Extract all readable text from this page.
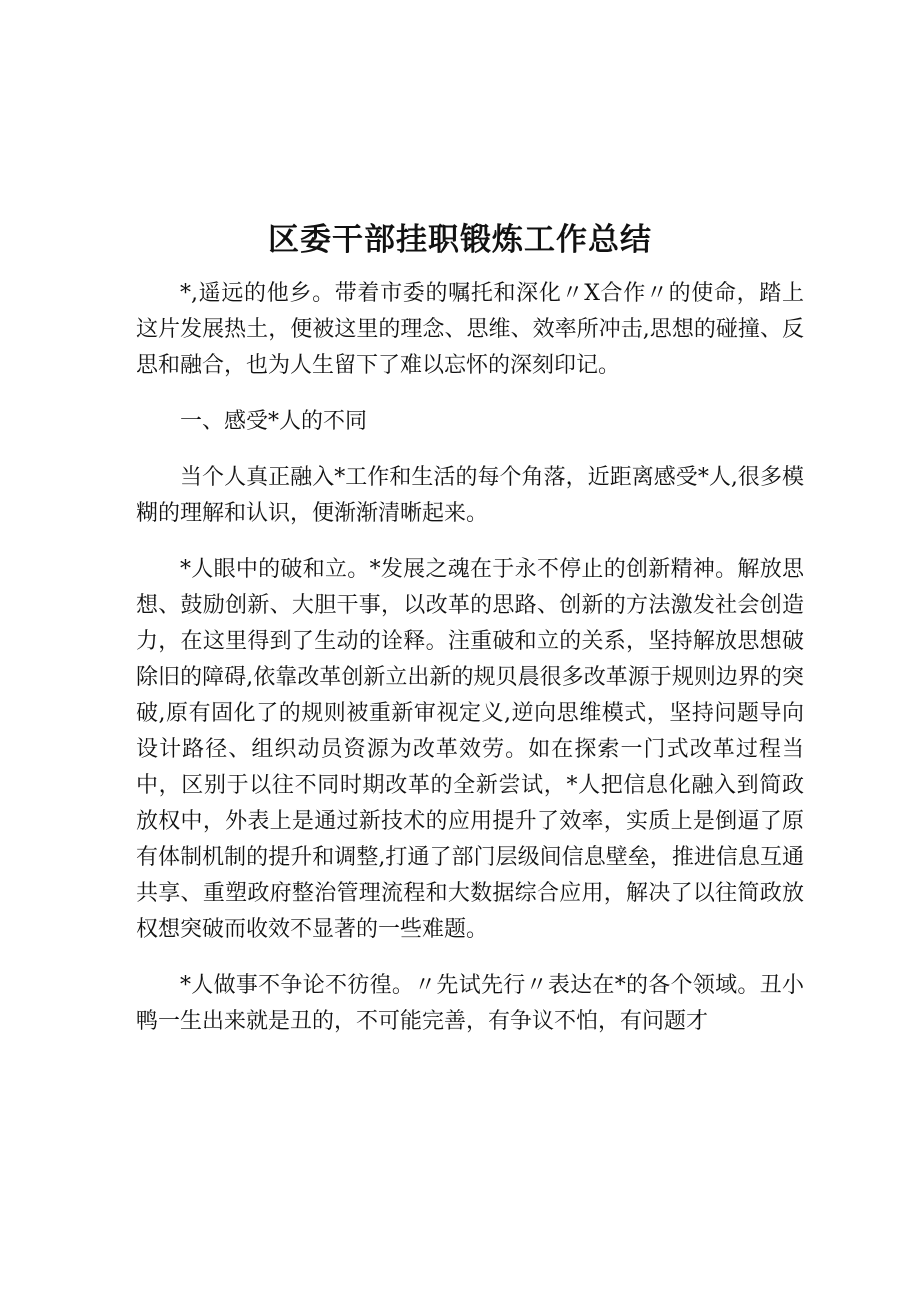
区委干部挂职锻炼工作总结

*,遥远的他乡。带着市委的嘱托和深化〃X合作〃的使命，踏上这片发展热土，便被这里的理念、思维、效率所冲击,思想的碰撞、反思和融合，也为人生留下了难以忘怀的深刻印记。

一、感受*人的不同

当个人真正融入*工作和生活的每个角落，近距离感受*人,很多模糊的理解和认识，便渐渐清晰起来。

*人眼中的破和立。*发展之魂在于永不停止的创新精神。解放思想、鼓励创新、大胆干事，以改革的思路、创新的方法激发社会创造力，在这里得到了生动的诠释。注重破和立的关系，坚持解放思想破除旧的障碍,依靠改革创新立出新的规贝晨很多改革源于规则边界的突破,原有固化了的规则被重新审视定义,逆向思维模式，坚持问题导向设计路径、组织动员资源为改革效劳。如在探索一门式改革过程当中，区别于以往不同时期改革的全新尝试，*人把信息化融入到简政放权中，外表上是通过新技术的应用提升了效率，实质上是倒逼了原有体制机制的提升和调整,打通了部门层级间信息壁垒，推进信息互通共享、重塑政府整治管理流程和大数据综合应用，解决了以往简政放权想突破而收效不显著的一些难题。

*人做事不争论不彷徨。〃先试先行〃表达在*的各个领域。丑小鸭一生出来就是丑的，不可能完善，有争议不怕，有问题才
